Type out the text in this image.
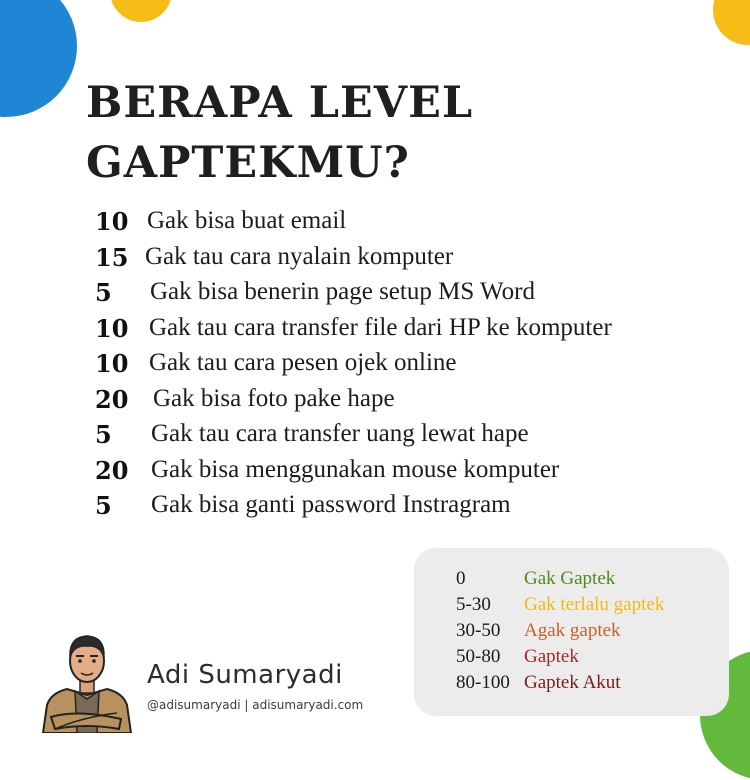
BERAPA LEVEL
GAPTEKMU?
10 Gak bisa buat email
15 Gak tau cara nyalain komputer
5 Gak bisa benerin page setup MS Word
10 Gak tau cara transfer file dari HP ke komputer
10 Gak tau cara pesen ojek online
20 Gak bisa foto pake hape
5 Gak tau cara transfer uang lewat hape
20 Gak bisa menggunakan mouse komputer
5 Gak bisa ganti password Instragram
Adi Sumaryadi
@adisumaryadi | adisumaryadi.com
0	Gak Gaptek
5-30 Gak terlalu gaptek
30-50 Agak gaptek
50-80 Gaptek
80-100 Gaptek Akut
